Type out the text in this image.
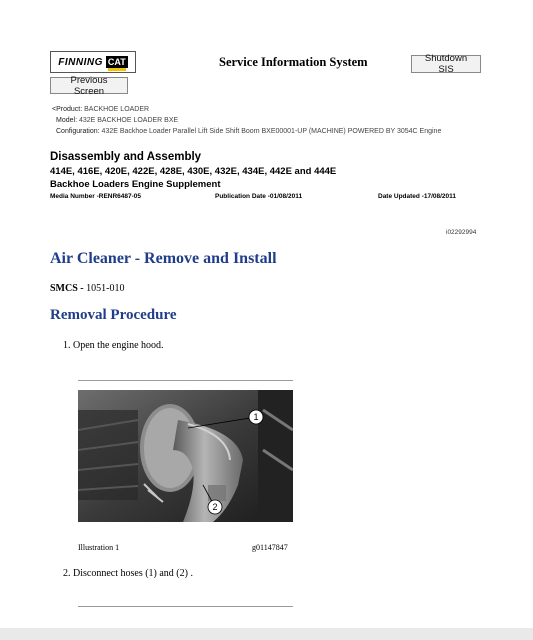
FINNING CAT	Service Information System	Shutdown SIS
Previous Screen
<Product: BACKHOE LOADER
Model: 432E BACKHOE LOADER BXE
Configuration: 432E Backhoe Loader Parallel Lift Side Shift Boom BXE00001-UP (MACHINE) POWERED BY 3054C Engine
Disassembly and Assembly
414E, 416E, 420E, 422E, 428E, 430E, 432E, 434E, 442E and 444E
Backhoe Loaders Engine Supplement
Media Number -RENR6487-05	Publication Date -01/08/2011	Date Updated -17/08/2011
i02292994
Air Cleaner - Remove and Install
SMCS - 1051-010
Removal Procedure
1. Open the engine hood.
1
2
Illustration 1	g01147847
2. Disconnect hoses (1) and (2) .
